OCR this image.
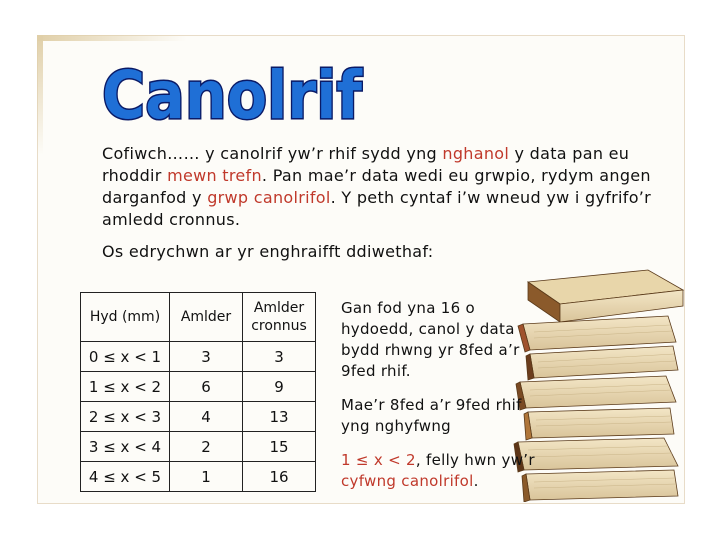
Canolrif

Cofiwch…… y canolrif yw’r rhif sydd yng nghanol y data pan eu rhoddir mewn trefn. Pan mae’r data wedi eu grwpio, rydym angen darganfod y grwp canolrifol. Y peth cyntaf i’w wneud yw i gyfrifo’r amledd cronnus.

Os edrychwn ar yr enghraifft ddiwethaf:

Hyd (mm)	Amlder	Amlder cronnus
0 ≤ x < 1	3	3
1 ≤ x < 2	6	9
2 ≤ x < 3	4	13
3 ≤ x < 4	2	15
4 ≤ x < 5	1	16

Gan fod yna 16 o hydoedd, canol y data bydd rhwng yr 8fed a’r 9fed rhif.

Mae’r 8fed a’r 9fed rhif yng nghyfwng

1 ≤ x < 2, felly hwn yw’r cyfwng canolrifol.
